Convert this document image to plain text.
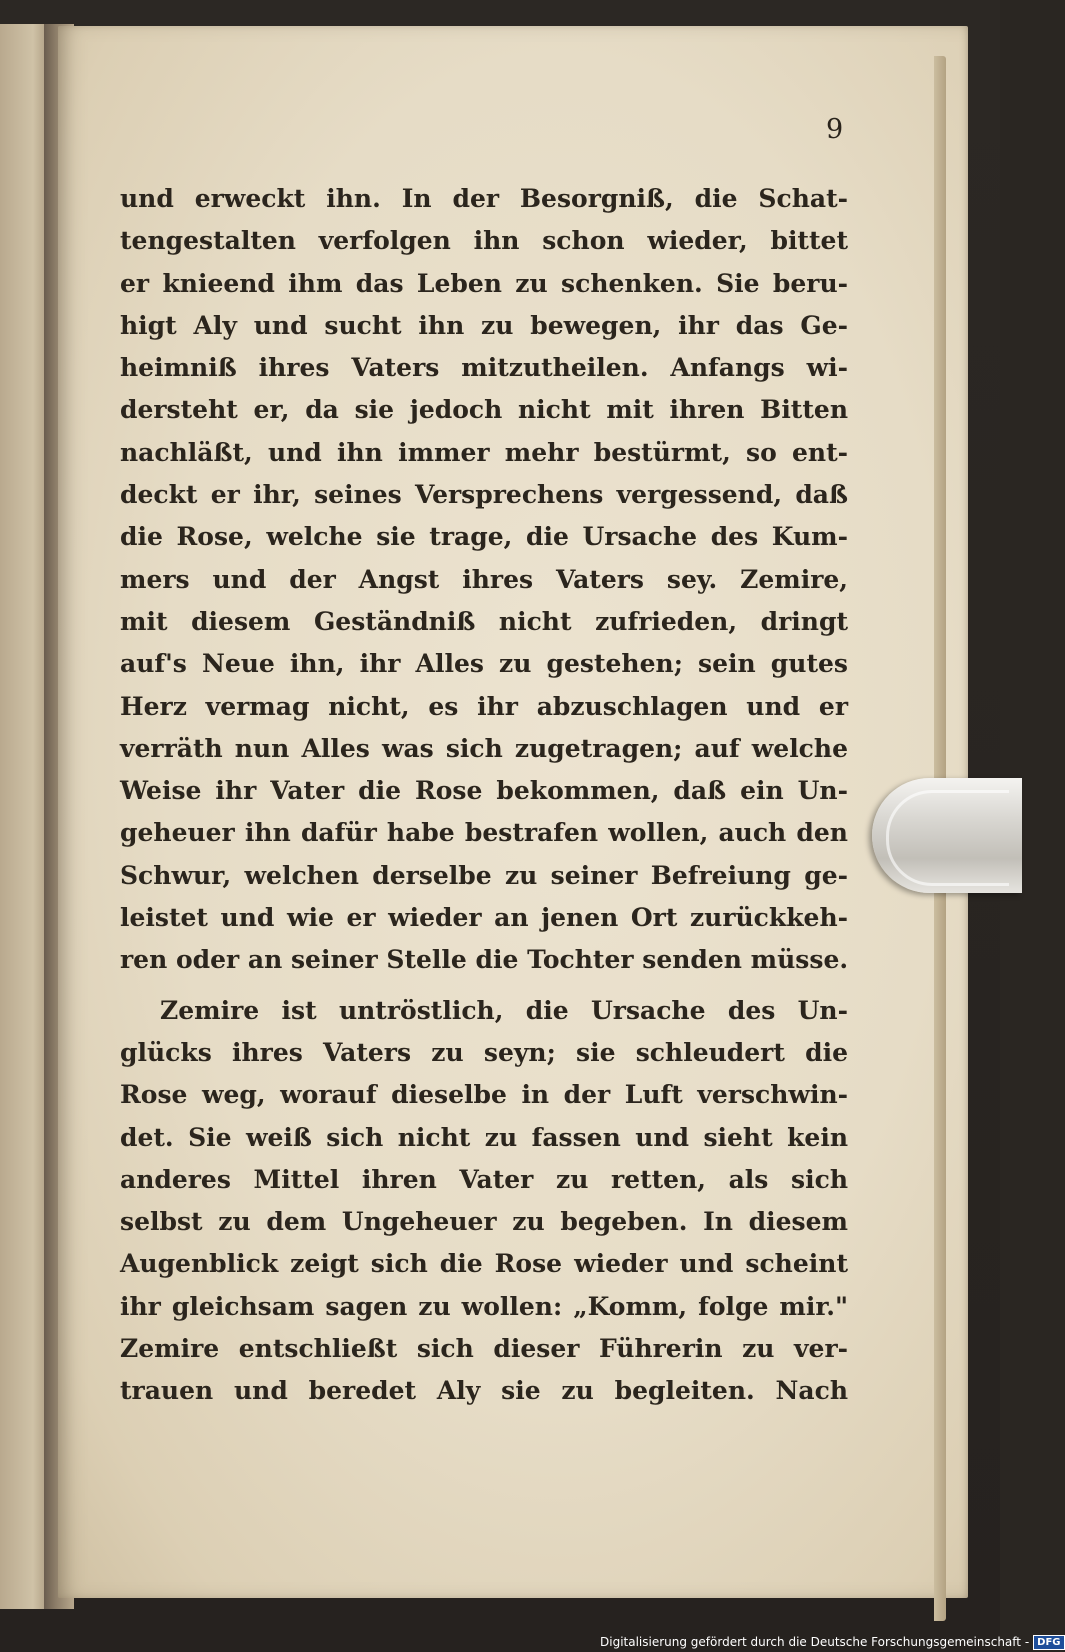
9
und erweckt ihn. In der Besorgniß, die Schat-
tengestalten verfolgen ihn schon wieder, bittet
er knieend ihm das Leben zu schenken. Sie beru-
higt Aly und sucht ihn zu bewegen, ihr das Ge-
heimniß ihres Vaters mitzutheilen. Anfangs wi-
dersteht er, da sie jedoch nicht mit ihren Bitten
nachläßt, und ihn immer mehr bestürmt, so ent-
deckt er ihr, seines Versprechens vergessend, daß
die Rose, welche sie trage, die Ursache des Kum-
mers und der Angst ihres Vaters sey. Zemire,
mit diesem Geständniß nicht zufrieden, dringt
auf's Neue ihn, ihr Alles zu gestehen; sein gutes
Herz vermag nicht, es ihr abzuschlagen und er
verräth nun Alles was sich zugetragen; auf welche
Weise ihr Vater die Rose bekommen, daß ein Un-
geheuer ihn dafür habe bestrafen wollen, auch den
Schwur, welchen derselbe zu seiner Befreiung ge-
leistet und wie er wieder an jenen Ort zurückkeh-
ren oder an seiner Stelle die Tochter senden müsse.
Zemire ist untröstlich, die Ursache des Un-
glücks ihres Vaters zu seyn; sie schleudert die
Rose weg, worauf dieselbe in der Luft verschwin-
det. Sie weiß sich nicht zu fassen und sieht kein
anderes Mittel ihren Vater zu retten, als sich
selbst zu dem Ungeheuer zu begeben. In diesem
Augenblick zeigt sich die Rose wieder und scheint
ihr gleichsam sagen zu wollen: „Komm, folge mir."
Zemire entschließt sich dieser Führerin zu ver-
trauen und beredet Aly sie zu begleiten. Nach
Digitalisierung gefördert durch die Deutsche Forschungsgemeinschaft - DFG
